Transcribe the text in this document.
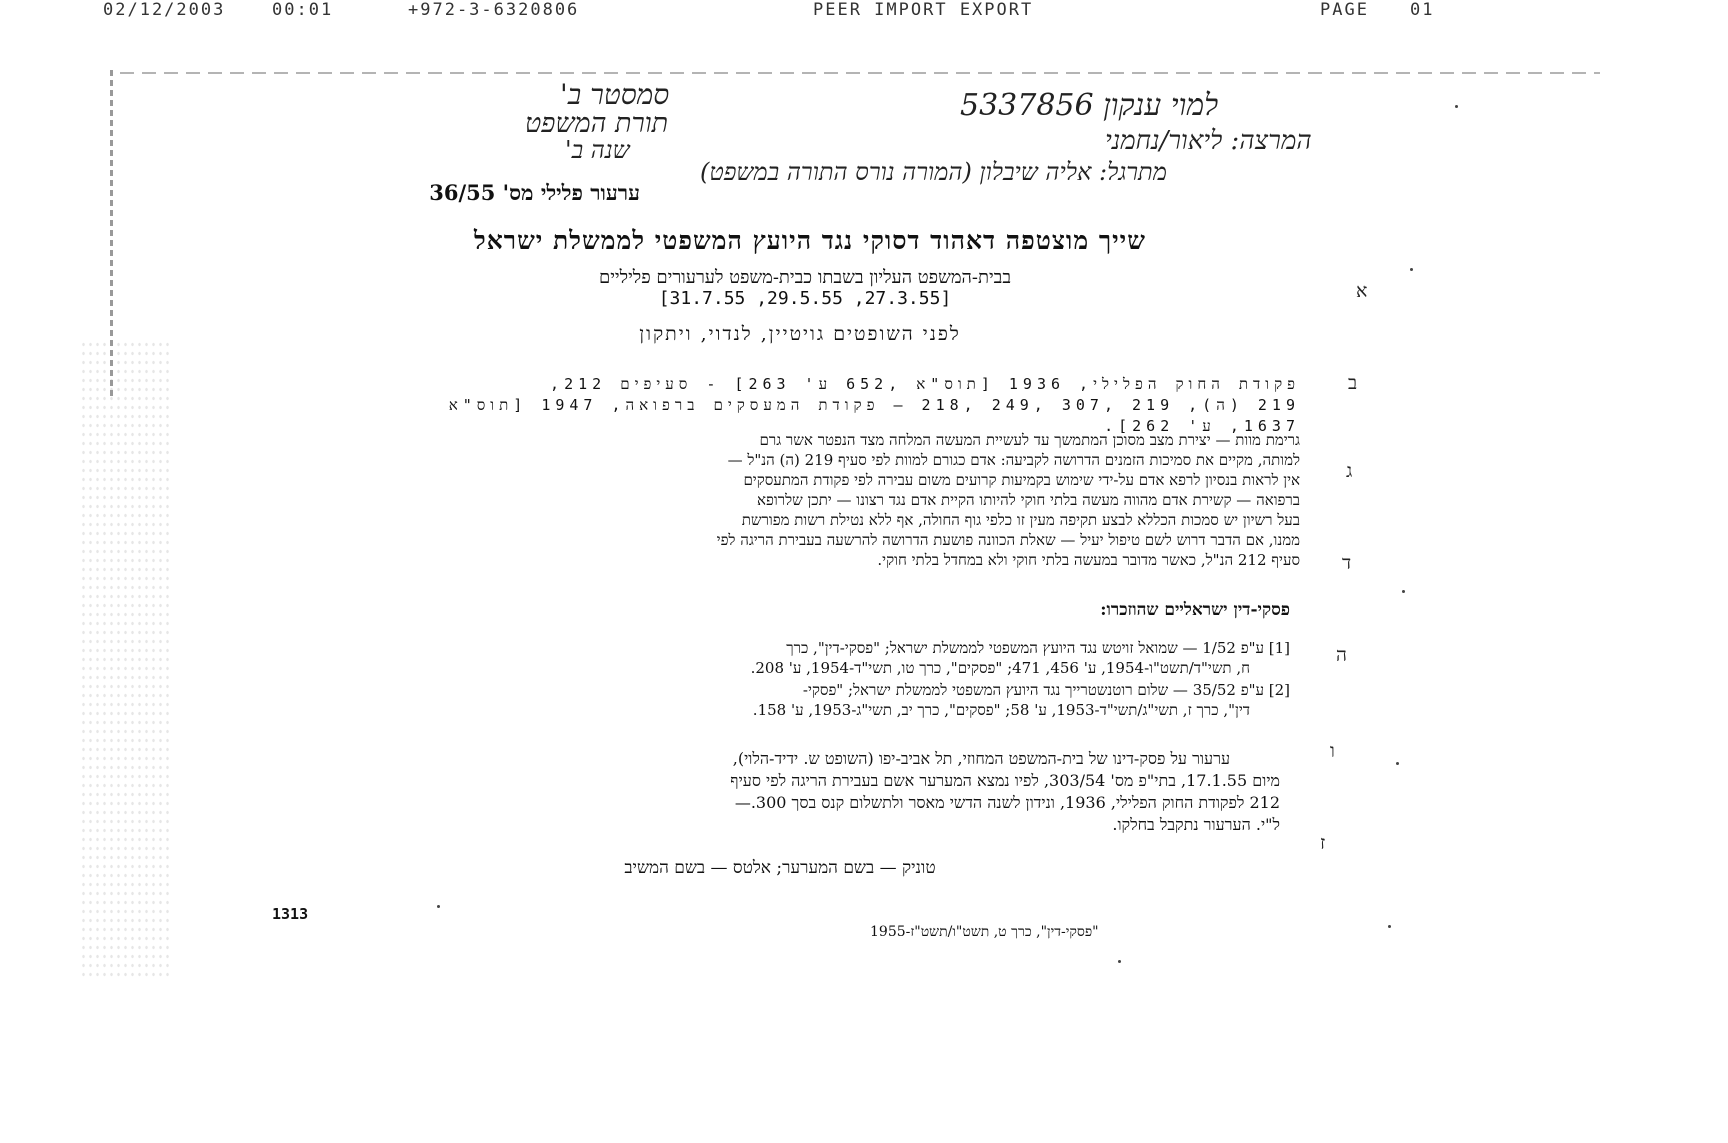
02/12/2003	00:01	+972-3-6320806	PEER IMPORT EXPORT	PAGE 01
סמסטר ב'
תורת המשפט
שנה ב'
למוי ענקון 5337856
המרצה: ליאור/נחמני
מתרגל: אליה שיבלון (המורה נורס התורה במשפט)
ערעור פלילי מס' 36/55
שייך מוצטפה דאהוד דסוקי נגד היועץ המשפטי לממשלת ישראל
בבית-המשפט העליון בשבתו כבית-משפט לערעורים פליליים
[31.7.55 ,29.5.55 ,27.3.55]
לפני השופטים גויטיין, לנדוי, ויתקון
פקודת החוק הפלילי, 1936 [תוס"א ,652 ע' 263] - סעיפים 212,
219 (ה), 219 ,307 ,249 ,218 — פקודת המעסקים ברפואה, 1947 [תוס"א
1637, ע' 262].
גרימת מוות — יצירת מצב מסוכן המתמשך עד לעשיית המעשה המלחה מצד הנפטר אשר גרם
למותה, מקיים את סמיכות הזמנים הדרושה לקביעה: אדם כגורם למוות לפי סעיף 219 (ה) הנ"ל —
אין לראות בנסיון לרפא אדם על-ידי שימוש בקמיעות קרועים משום עבירה לפי פקודת המתעסקים
ברפואה — קשירת אדם מהווה מעשה בלתי חוקי להיותו הקיית אדם נגד רצונו — יתכן שלרופא
בעל רשיון יש סמכות הכללא לבצע תקיפה מעין זו כלפי גוף החולה, אף ללא נטילת רשות מפורשת
ממנו, אם הדבר דרוש לשם טיפול יעיל — שאלת הכוונה פושעת הדרושה להרשעה בעבירת הריגה לפי
סעיף 212 הנ"ל, כאשר מדובר במעשה בלתי חוקי ולא במחדל בלתי חוקי.
פסקי-דין ישראליים שהוזכרו:
[1] ע"פ 1/52 — שמואל זויטש נגד היועץ המשפטי לממשלת ישראל; "פסקי-דין", כרך
ח, תשי"ד/תשט"ו-1954, ע' 456, 471; "פסקים", כרך טו, תשי"ד-1954, ע' 208.
[2] ע"פ 35/52 — שלום רוטנשטרייך נגד היועץ המשפטי לממשלת ישראל; "פסקי-
דין", כרך ז, תשי"ג/תשי"ד-1953, ע' 58; "פסקים", כרך יב, תשי"ג-1953, ע' 158.
ערעור על פסק-דינו של בית-המשפט המחוזי, תל אביב-יפו (השופט ש. ידיד-הלוי),
מיום 17.1.55, בתי"פ מס' 303/54, לפיו נמצא המערער אשם בעבירת הריגה לפי סעיף
212 לפקודת החוק הפלילי, 1936, ונידון לשנה הדשי מאסר ולתשלום קנס בסך 300.—
ל"י. הערעור נתקבל בחלקו.
טוניק — בשם המערער; אלטס — בשם המשיב
1313
"פסקי-דין", כרך ט, תשט"ו/תשט"ז-1955
א
ב
ג
ד
ה
ו
ז
